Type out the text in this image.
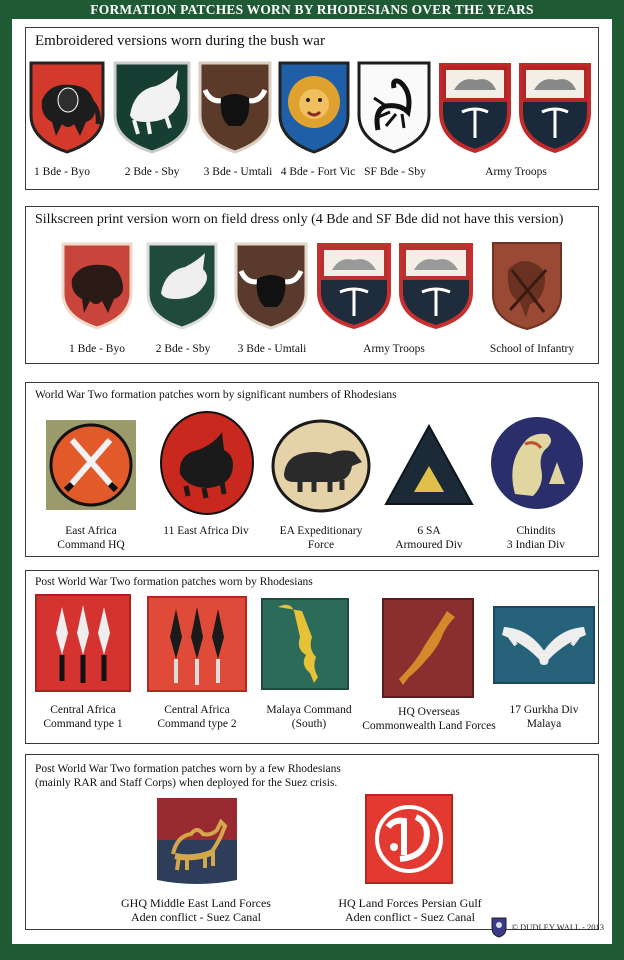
FORMATION PATCHES WORN BY RHODESIANS OVER THE YEARS
Embroidered versions worn during the bush war
1 Bde - Byo	2 Bde - Sby	3 Bde - Umtali 4 Bde - Fort Vic SF Bde - Sby	Army Troops
Silkscreen print version worn on field dress only (4 Bde and SF Bde did not have this version)
1 Bde - Byo	2 Bde - Sby	3 Bde - Umtali	Army Troops	School of Infantry
World War Two formation patches worn by significant numbers of Rhodesians
East Africa
Command HQ
11 East Africa Div	EA Expeditionary
Force
6 SA
Armoured Div
Chindits
3 Indian Div
Post World War Two formation patches worn by Rhodesians
Central Africa
Command type 1
Central Africa
Command type 2
Malaya Command
(South)
HQ Overseas
Commonwealth Land Forces
17 Gurkha Div
Malaya
Post World War Two formation patches worn by a few Rhodesians
(mainly RAR and Staff Corps) when deployed for the Suez crisis.
GHQ Middle East Land Forces
Aden conflict - Suez Canal
HQ Land Forces Persian Gulf
Aden conflict - Suez Canal
© DUDLEY WALL - 2013
